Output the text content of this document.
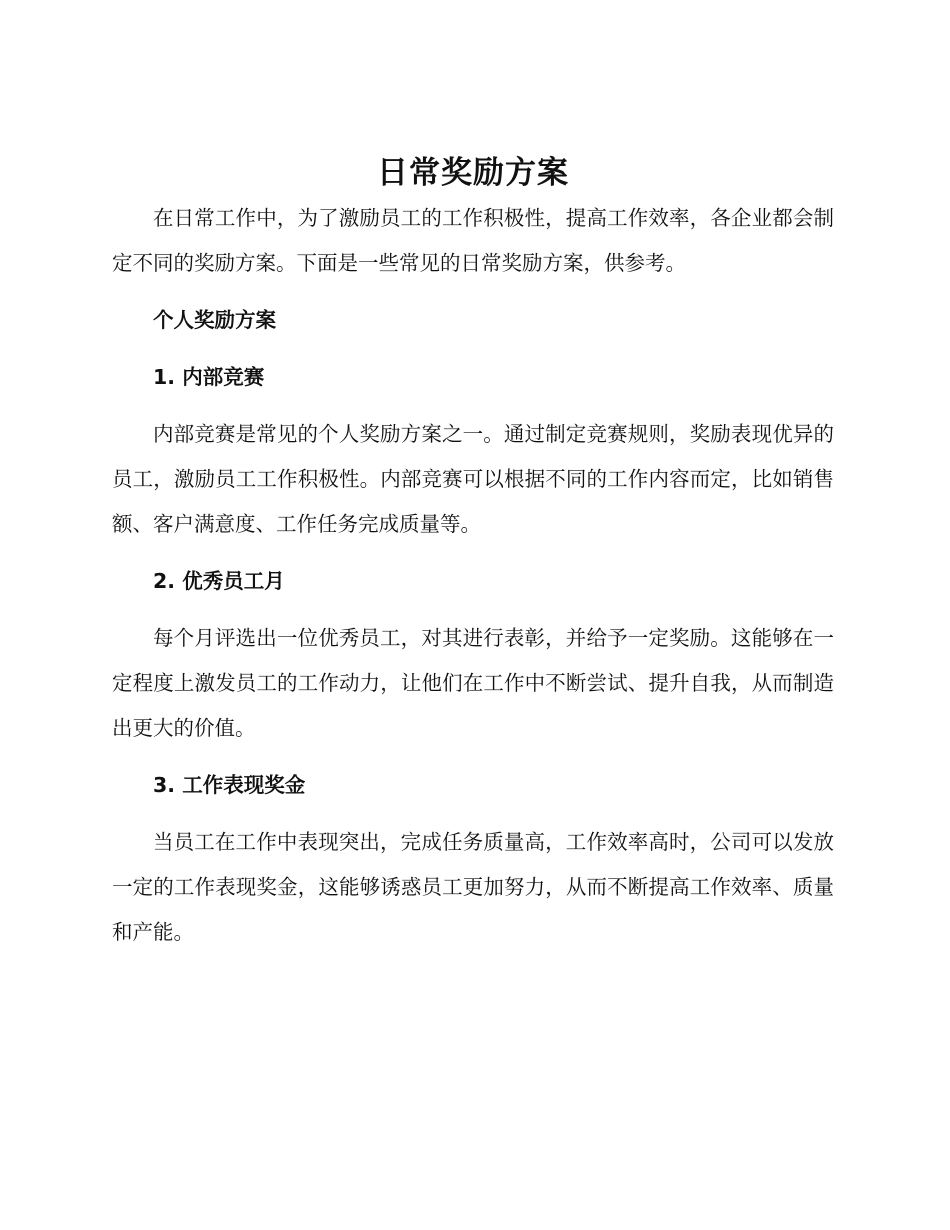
日常奖励方案

在日常工作中，为了激励员工的工作积极性，提高工作效率，各企业都会制定不同的奖励方案。下面是一些常见的日常奖励方案，供参考。

个人奖励方案

1. 内部竞赛

内部竞赛是常见的个人奖励方案之一。通过制定竞赛规则，奖励表现优异的员工，激励员工工作积极性。内部竞赛可以根据不同的工作内容而定，比如销售额、客户满意度、工作任务完成质量等。

2. 优秀员工月

每个月评选出一位优秀员工，对其进行表彰，并给予一定奖励。这能够在一定程度上激发员工的工作动力，让他们在工作中不断尝试、提升自我，从而制造出更大的价值。

3. 工作表现奖金

当员工在工作中表现突出，完成任务质量高，工作效率高时，公司可以发放一定的工作表现奖金，这能够诱惑员工更加努力，从而不断提高工作效率、质量和产能。
